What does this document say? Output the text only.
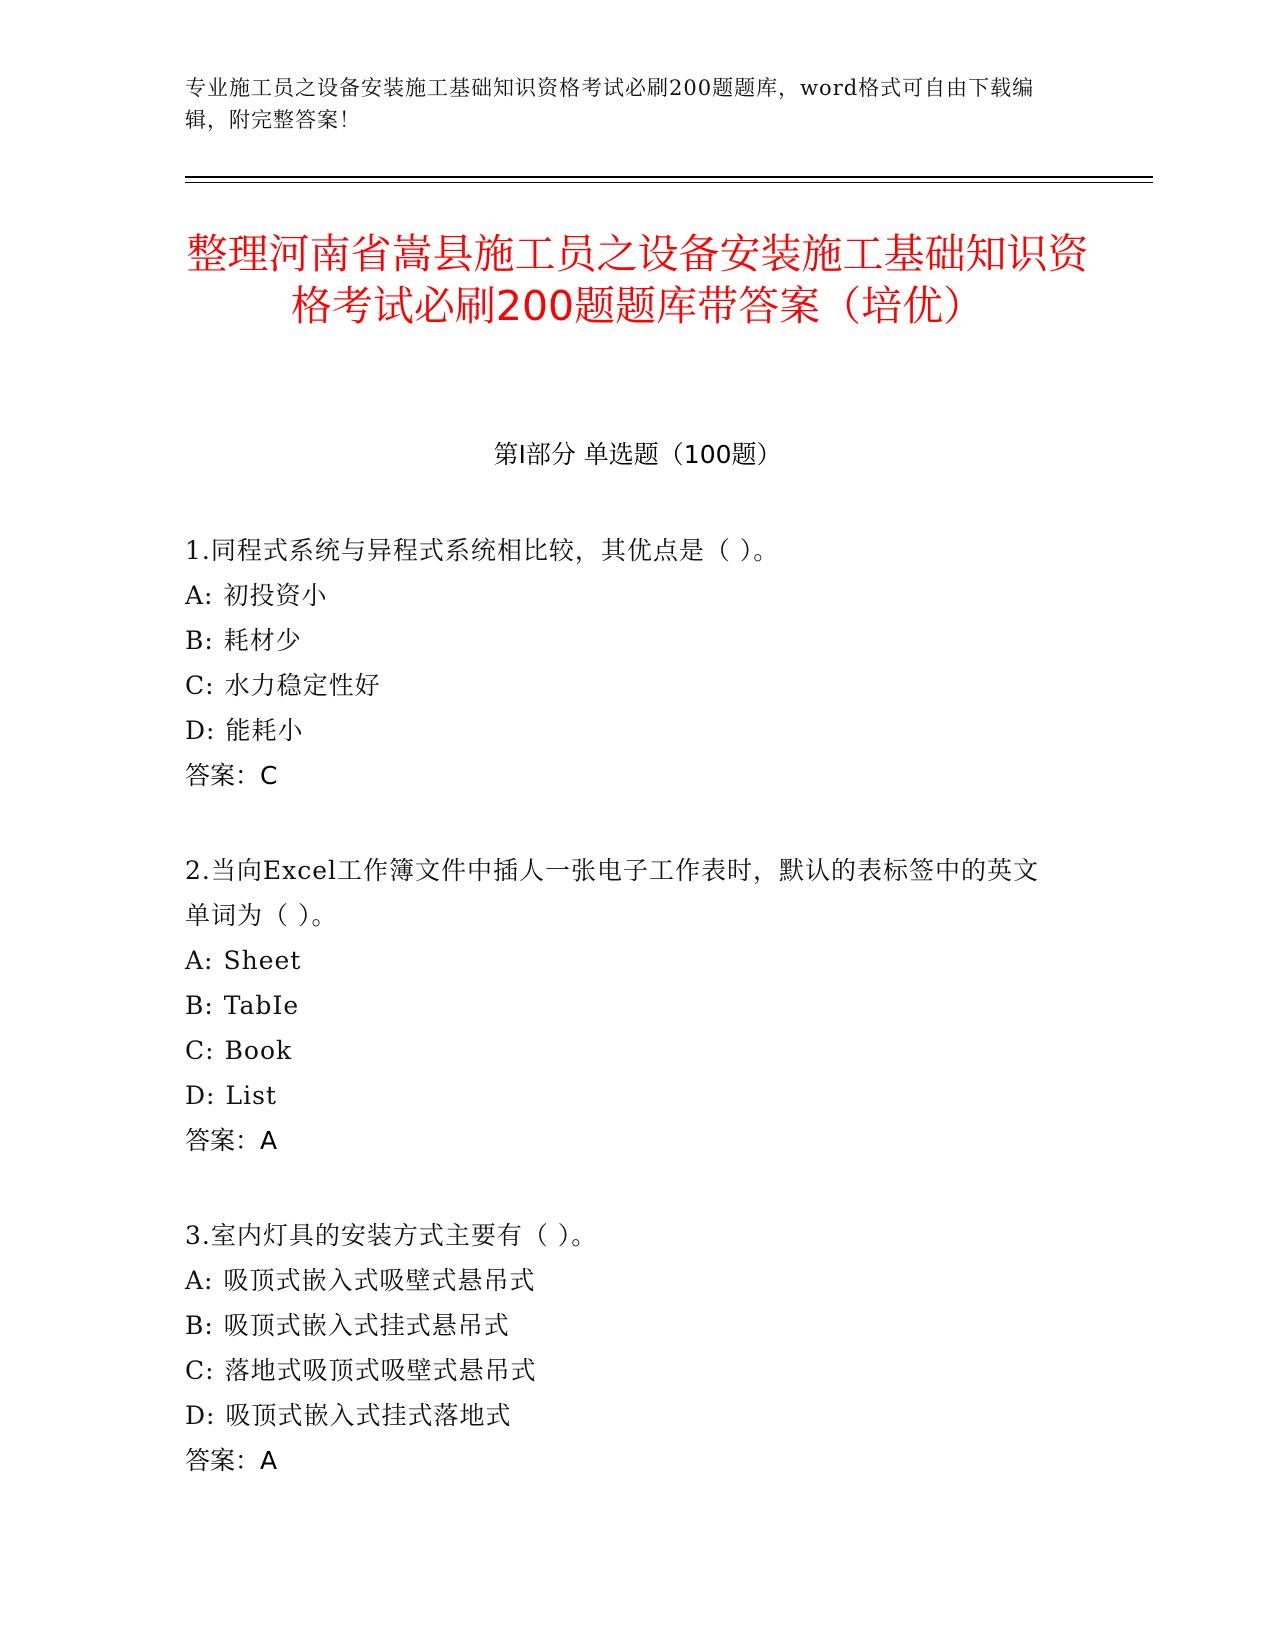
专业施工员之设备安装施工基础知识资格考试必刷200题题库，word格式可自由下载编辑，附完整答案！
整理河南省嵩县施工员之设备安装施工基础知识资格考试必刷200题题库带答案（培优）
第Ⅰ部分 单选题（100题）

1.同程式系统与异程式系统相比较，其优点是（ ）。

A: 初投资小

B: 耗材少

C: 水力稳定性好

D: 能耗小

答案：C

2.当向Excel工作簿文件中插人一张电子工作表时，默认的表标签中的英文单词为（ ）。

A: Sheet

B: TabIe

C: Book

D: List

答案：A

3.室内灯具的安装方式主要有（ ）。

A: 吸顶式嵌入式吸壁式悬吊式

B: 吸顶式嵌入式挂式悬吊式

C: 落地式吸顶式吸壁式悬吊式

D: 吸顶式嵌入式挂式落地式

答案：A
